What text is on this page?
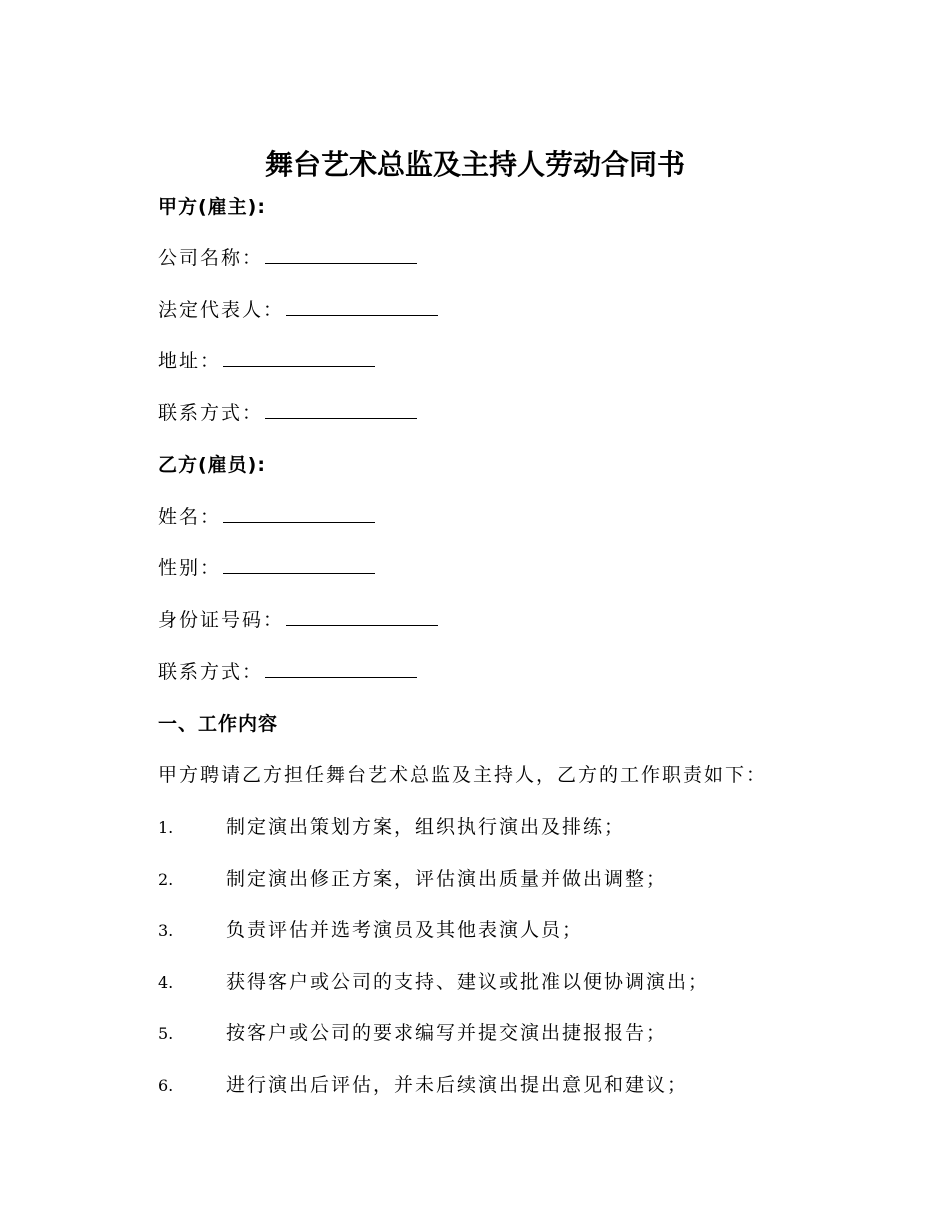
舞台艺术总监及主持人劳动合同书
甲方(雇主):
公司名称：
法定代表人：
地址：
联系方式：
乙方(雇员):
姓名：
性别：
身份证号码：
联系方式：
一、工作内容
甲方聘请乙方担任舞台艺术总监及主持人，乙方的工作职责如下：
1.	制定演出策划方案，组织执行演出及排练；
2.	制定演出修正方案，评估演出质量并做出调整；
3.	负责评估并选考演员及其他表演人员；
4.	获得客户或公司的支持、建议或批准以便协调演出；
5.	按客户或公司的要求编写并提交演出捷报报告；
6.	进行演出后评估，并未后续演出提出意见和建议；
